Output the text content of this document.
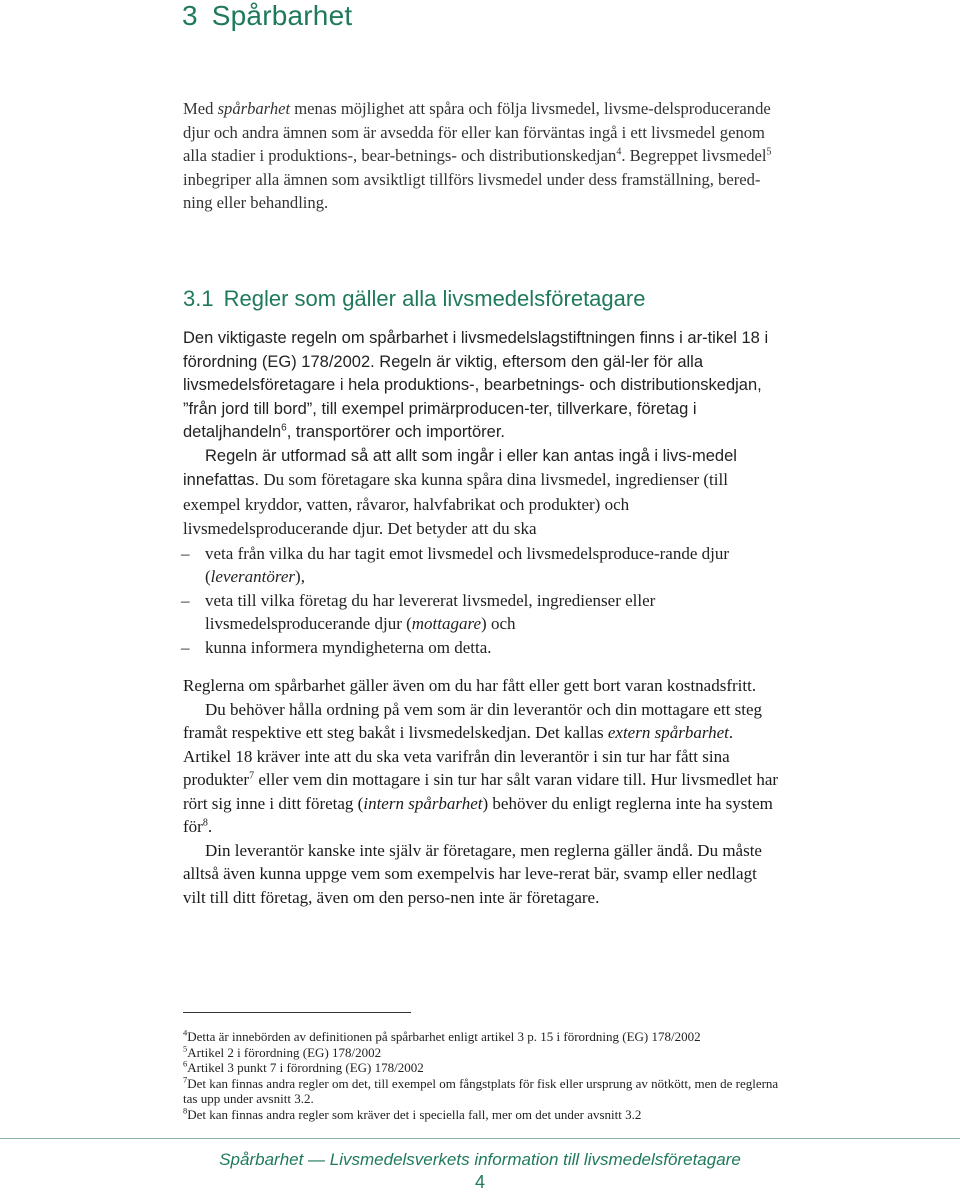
3 Spårbarhet

Med spårbarhet menas möjlighet att spåra och följa livsmedel, livsme-delsproducerande djur och andra ämnen som är avsedda för eller kan förväntas ingå i ett livsmedel genom alla stadier i produktions-, bear-betnings- och distributionskedjan$^4$. Begreppet livsmedel$^5$ inbegriper alla ämnen som avsiktligt tillförs livsmedel under dess framställning, bered-ning eller behandling.

3.1 Regler som gäller alla livsmedelsföretagare

Den viktigaste regeln om spårbarhet i livsmedelslagstiftningen finns i ar-tikel 18 i förordning (EG) 178/2002. Regeln är viktig, eftersom den gäl-ler för alla livsmedelsföretagare i hela produktions-, bearbetnings- och distributionskedjan, ”från jord till bord”, till exempel primärproducen-ter, tillverkare, företag i detaljhandeln$^6$, transportörer och importörer.

Regeln är utformad så att allt som ingår i eller kan antas ingå i livs-medel innefattas. Du som företagare ska kunna spåra dina livsmedel, ingredienser (till exempel kryddor, vatten, råvaror, halvfabrikat och produkter) och livsmedelsproducerande djur. Det betyder att du ska

– veta från vilka du har tagit emot livsmedel och livsmedelsproduce-rande djur (leverantörer),
– veta till vilka företag du har levererat livsmedel, ingredienser eller livsmedelsproducerande djur (mottagare) och
– kunna informera myndigheterna om detta.

Reglerna om spårbarhet gäller även om du har fått eller gett bort varan kostnadsfritt.

Du behöver hålla ordning på vem som är din leverantör och din mottagare ett steg framåt respektive ett steg bakåt i livsmedelskedjan. Det kallas extern spårbarhet. Artikel 18 kräver inte att du ska veta varifrån din leverantör i sin tur har fått sina produkter$^7$ eller vem din mottagare i sin tur har sålt varan vidare till. Hur livsmedlet har rört sig inne i ditt företag (intern spårbarhet) behöver du enligt reglerna inte ha system för$^8$.

Din leverantör kanske inte själv är företagare, men reglerna gäller ändå. Du måste alltså även kunna uppge vem som exempelvis har leve-rerat bär, svamp eller nedlagt vilt till ditt företag, även om den perso-nen inte är företagare.

$^4$Detta är innebörden av definitionen på spårbarhet enligt artikel 3 p. 15 i förordning (EG) 178/2002
$^5$Artikel 2 i förordning (EG) 178/2002
$^6$Artikel 3 punkt 7 i förordning (EG) 178/2002
$^7$Det kan finnas andra regler om det, till exempel om fångstplats för fisk eller ursprung av nötkött, men de reglerna tas upp under avsnitt 3.2.
$^8$Det kan finnas andra regler som kräver det i speciella fall, mer om det under avsnitt 3.2
Spårbarhet — Livsmedelsverkets information till livsmedelsföretagare
4
